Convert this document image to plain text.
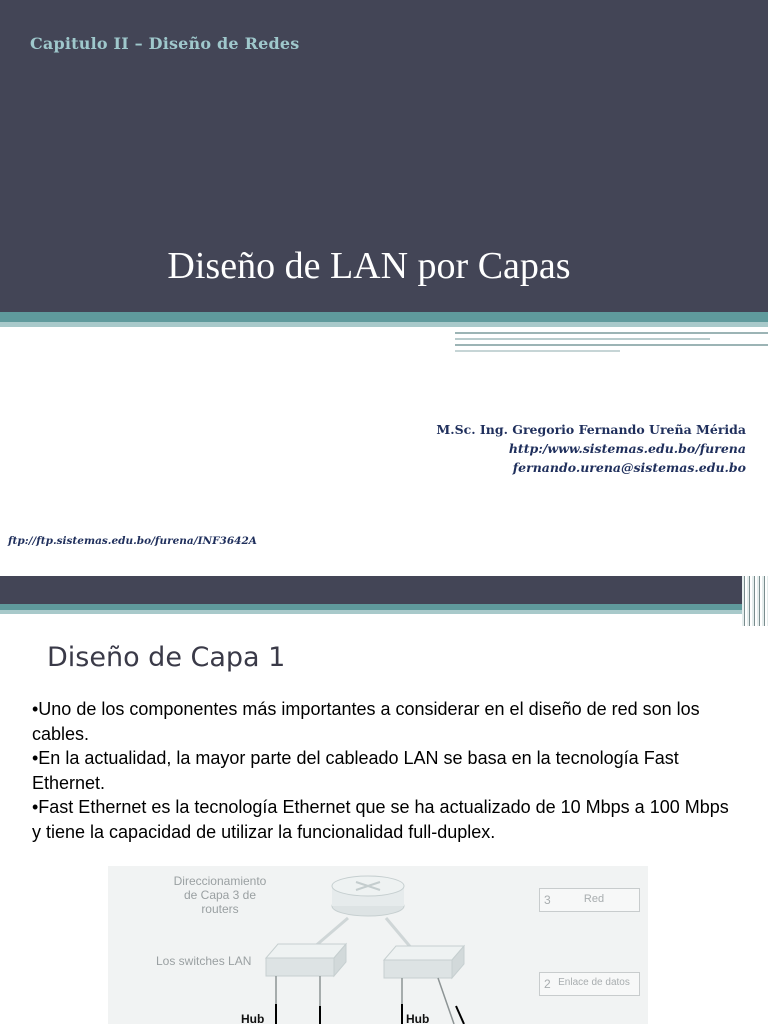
Capitulo II – Diseño de Redes
Diseño de LAN por Capas
M.Sc. Ing. Gregorio Fernando Ureña Mérida
http:/www.sistemas.edu.bo/furena
fernando.urena@sistemas.edu.bo
ftp://ftp.sistemas.edu.bo/furena/INF3642A
Diseño de Capa 1

•Uno de los componentes más importantes a considerar en el diseño de red son los cables.

•En la actualidad, la mayor parte del cableado LAN se basa en la tecnología Fast Ethernet.

•Fast Ethernet es la tecnología Ethernet que se ha actualizado de 10 Mbps a 100 Mbps y tiene la capacidad de utilizar la funcionalidad full-duplex.

Direccionamiento de Capa 3 de routers
Los switches LAN
3	Red
2 Enlace de datos
Hub	Hub
